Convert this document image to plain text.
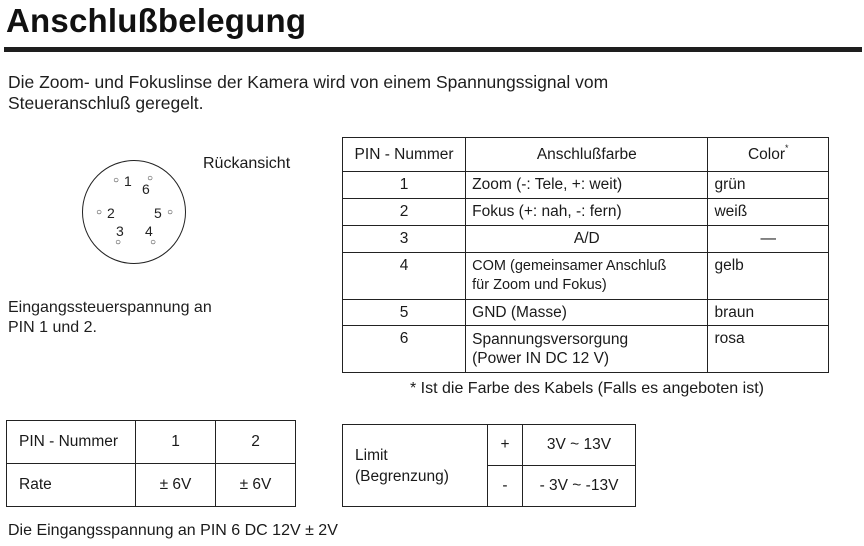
Anschlußbelegung
Die Zoom- und Fokuslinse der Kamera wird von einem Spannungssignal vom
Steueranschluß geregelt.
Rückansicht
○ 1 6
○
○ 2	5 ○
3
○
4
○
Eingangssteuerspannung an
PIN 1 und 2.
PIN - Nummer	Anschlußfarbe	Color*
1	Zoom (-: Tele, +: weit)	grün
2	Fokus (+: nah, -: fern)	weiß
3	A/D	—
4	COM (gemeinsamer Anschluß
für Zoom und Fokus)	gelb
5	GND (Masse)	braun
6	Spannungsversorgung
(Power IN DC 12 V)	rosa
* Ist die Farbe des Kabels (Falls es angeboten ist)
PIN - Nummer	1	2
Rate	± 6V	± 6V
Limit
(Begrenzung)	+	3V ~ 13V
	-	- 3V ~ -13V
Die Eingangsspannung an PIN 6 DC 12V ± 2V
